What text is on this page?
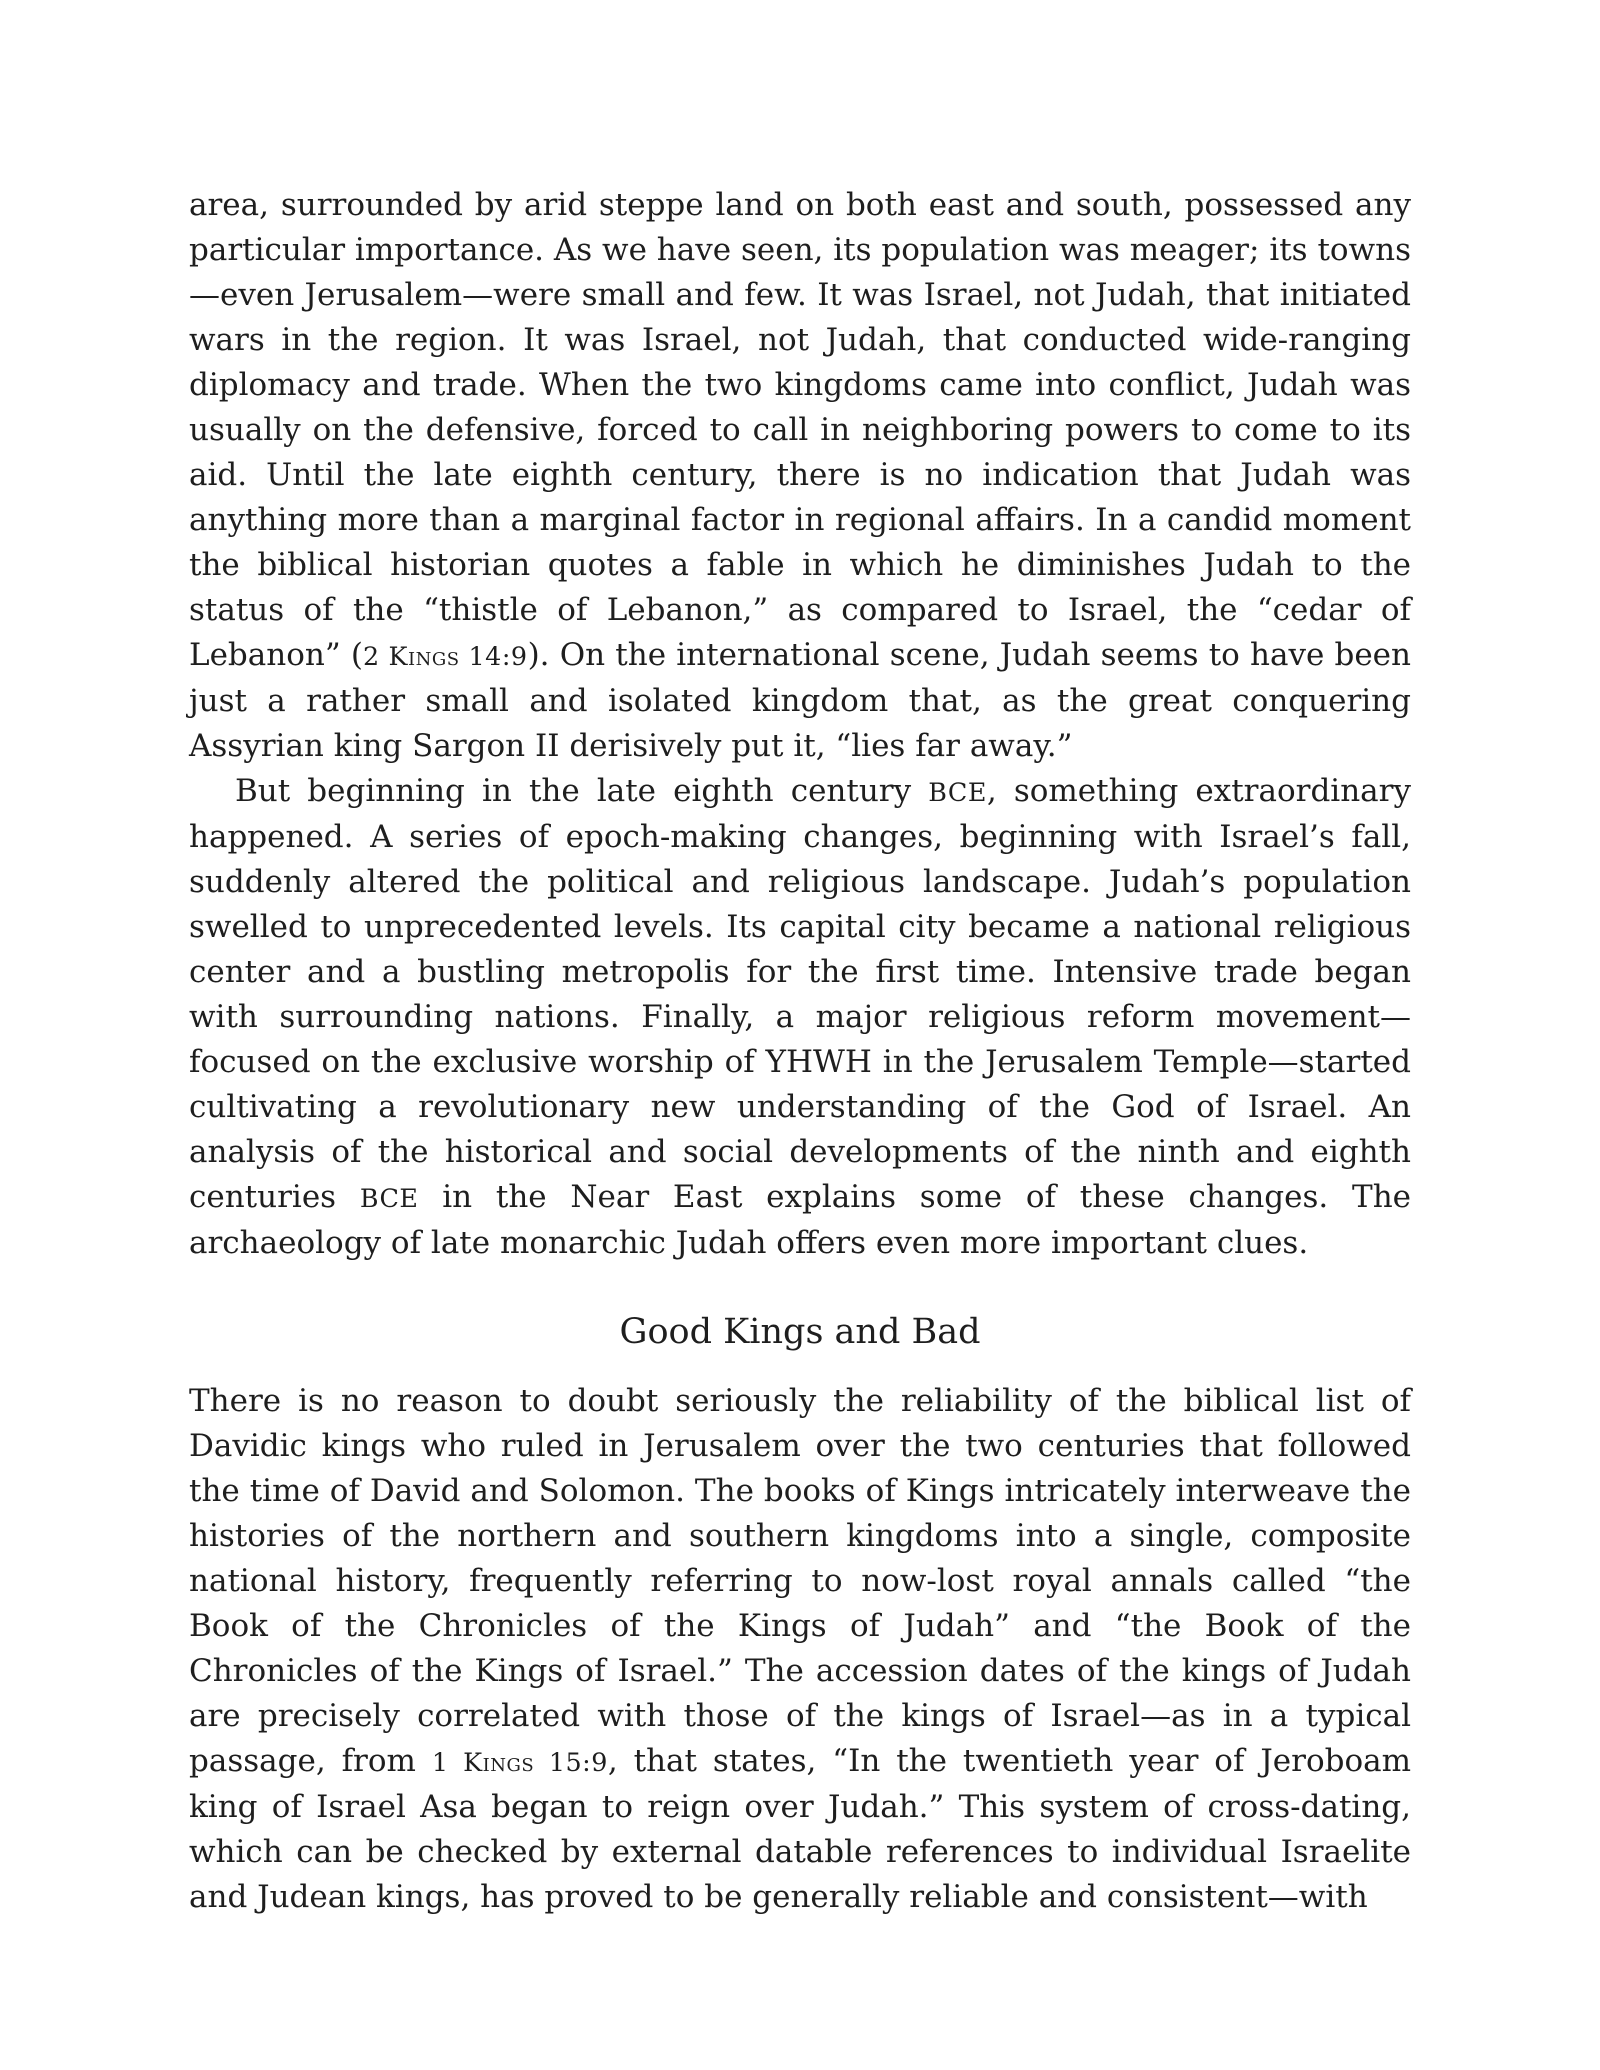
area, surrounded by arid steppe land on both east and south, possessed any particular importance. As we have seen, its population was meager; its towns—even Jerusalem—were small and few. It was Israel, not Judah, that initiated wars in the region. It was Israel, not Judah, that conducted wide-ranging diplomacy and trade. When the two kingdoms came into conflict, Judah was usually on the defensive, forced to call in neighboring powers to come to its aid. Until the late eighth century, there is no indication that Judah was anything more than a marginal factor in regional affairs. In a candid moment the biblical historian quotes a fable in which he diminishes Judah to the status of the “thistle of Lebanon,” as compared to Israel, the “cedar of Lebanon” (2 Kings 14:9). On the international scene, Judah seems to have been just a rather small and isolated kingdom that, as the great conquering Assyrian king Sargon II derisively put it, “lies far away.”

But beginning in the late eighth century BCE, something extraordinary happened. A series of epoch-making changes, beginning with Israel’s fall, suddenly altered the political and religious landscape. Judah’s population swelled to unprecedented levels. Its capital city became a national religious center and a bustling metropolis for the first time. Intensive trade began with surrounding nations. Finally, a major religious reform movement—focused on the exclusive worship of YHWH in the Jerusalem Temple—started cultivating a revolutionary new understanding of the God of Israel. An analysis of the historical and social developments of the ninth and eighth centuries BCE in the Near East explains some of these changes. The archaeology of late monarchic Judah offers even more important clues.

Good Kings and Bad

There is no reason to doubt seriously the reliability of the biblical list of Davidic kings who ruled in Jerusalem over the two centuries that followed the time of David and Solomon. The books of Kings intricately interweave the histories of the northern and southern kingdoms into a single, composite national history, frequently referring to now-lost royal annals called “the Book of the Chronicles of the Kings of Judah” and “the Book of the Chronicles of the Kings of Israel.” The accession dates of the kings of Judah are precisely correlated with those of the kings of Israel—as in a typical passage, from 1 Kings 15:9, that states, “In the twentieth year of Jeroboam king of Israel Asa began to reign over Judah.” This system of cross-dating, which can be checked by external datable references to individual Israelite and Judean kings, has proved to be generally reliable and consistent—with
